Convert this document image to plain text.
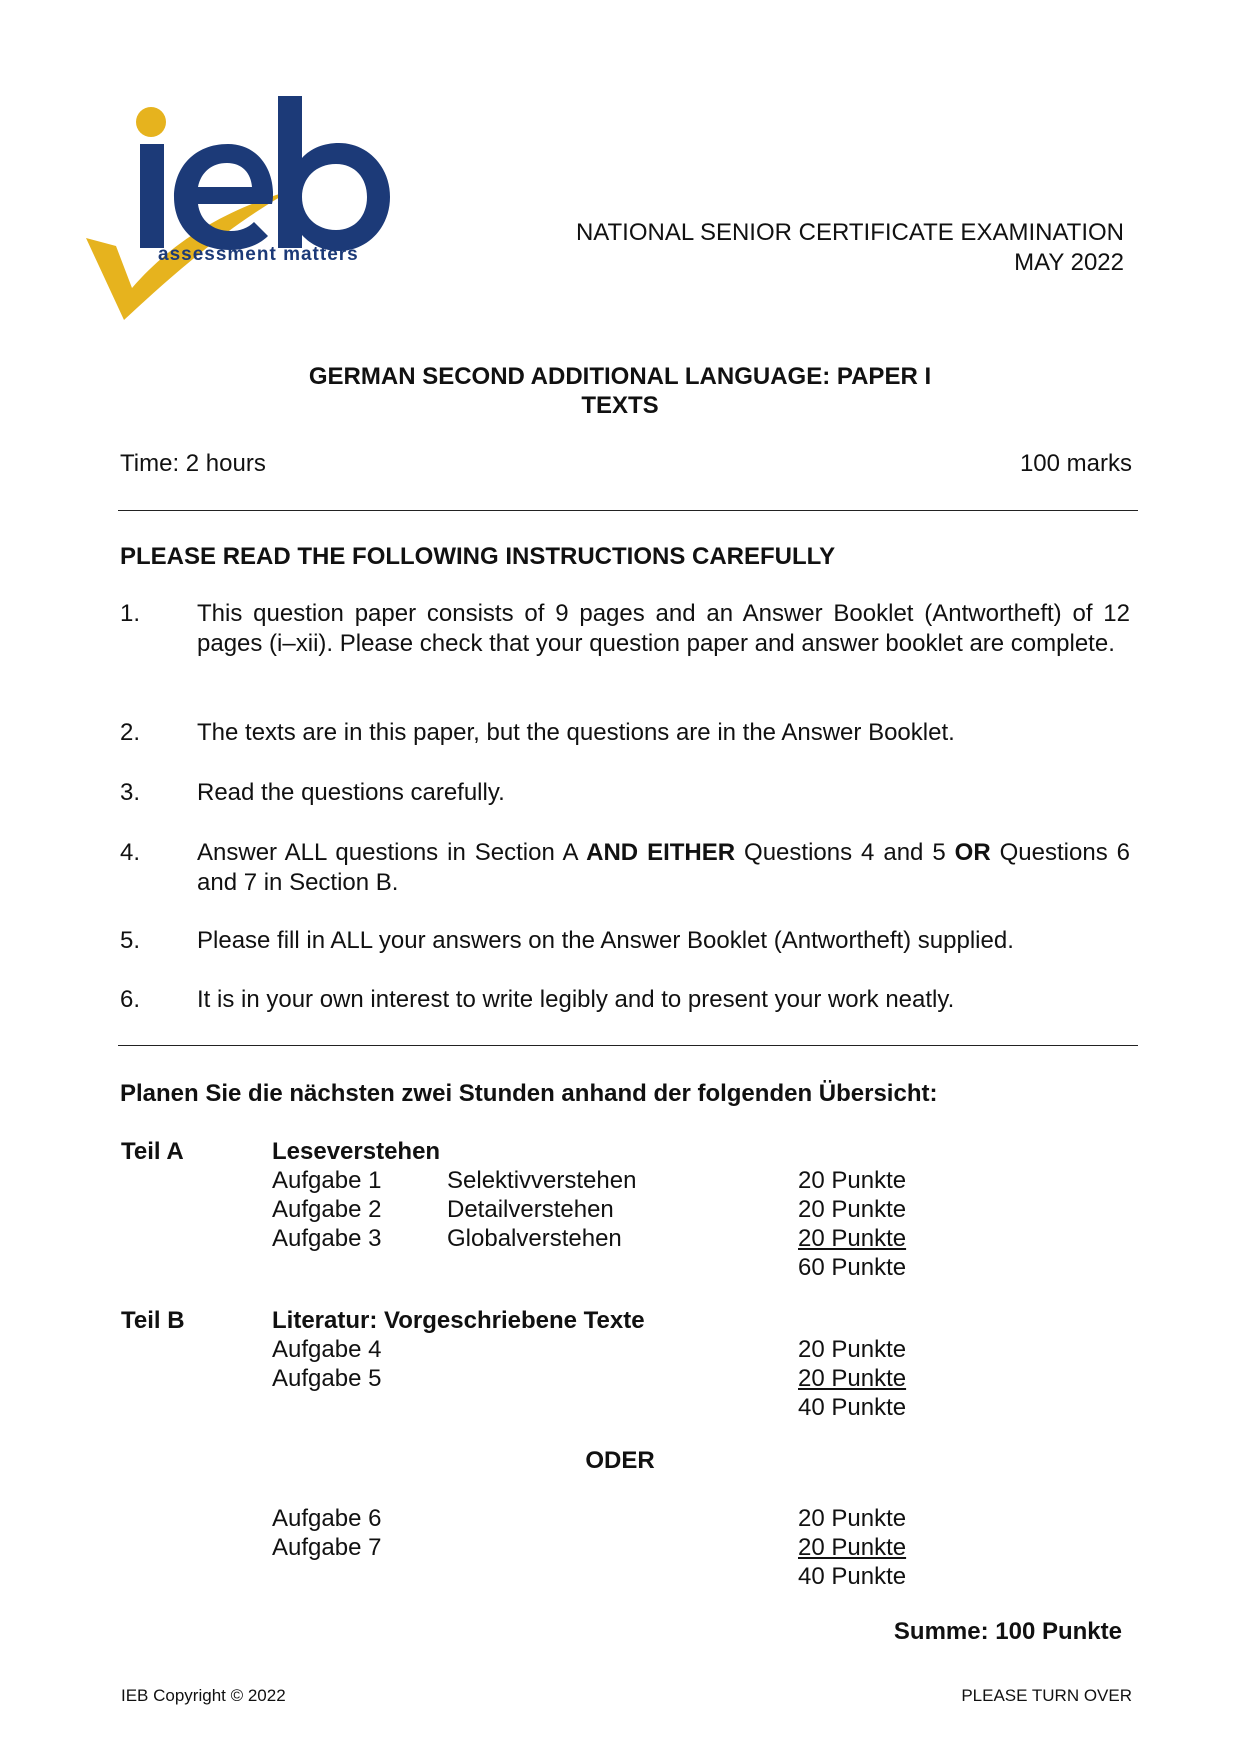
assessment matters
NATIONAL SENIOR CERTIFICATE EXAMINATION
MAY 2022
GERMAN SECOND ADDITIONAL LANGUAGE: PAPER I
TEXTS
Time: 2 hours	100 marks
PLEASE READ THE FOLLOWING INSTRUCTIONS CAREFULLY
1.	This question paper consists of 9 pages and an Answer Booklet (Antwortheft) of 12 pages (i–xii). Please check that your question paper and answer booklet are complete.
2.	The texts are in this paper, but the questions are in the Answer Booklet.
3.	Read the questions carefully.
4.	Answer ALL questions in Section A AND EITHER Questions 4 and 5 OR Questions 6 and 7 in Section B.
5.	Please fill in ALL your answers on the Answer Booklet (Antwortheft) supplied.
6.	It is in your own interest to write legibly and to present your work neatly.
Planen Sie die nächsten zwei Stunden anhand der folgenden Übersicht:
Teil A	Leseverstehen
Aufgabe 1	Selektivverstehen	20 Punkte
Aufgabe 2	Detailverstehen	20 Punkte
Aufgabe 3	Globalverstehen	20 Punkte
60 Punkte
Teil B	Literatur: Vorgeschriebene Texte
Aufgabe 4	20 Punkte
Aufgabe 5	20 Punkte
40 Punkte
ODER
Aufgabe 6	20 Punkte
Aufgabe 7	20 Punkte
40 Punkte
Summe: 100 Punkte
IEB Copyright © 2022	PLEASE TURN OVER
